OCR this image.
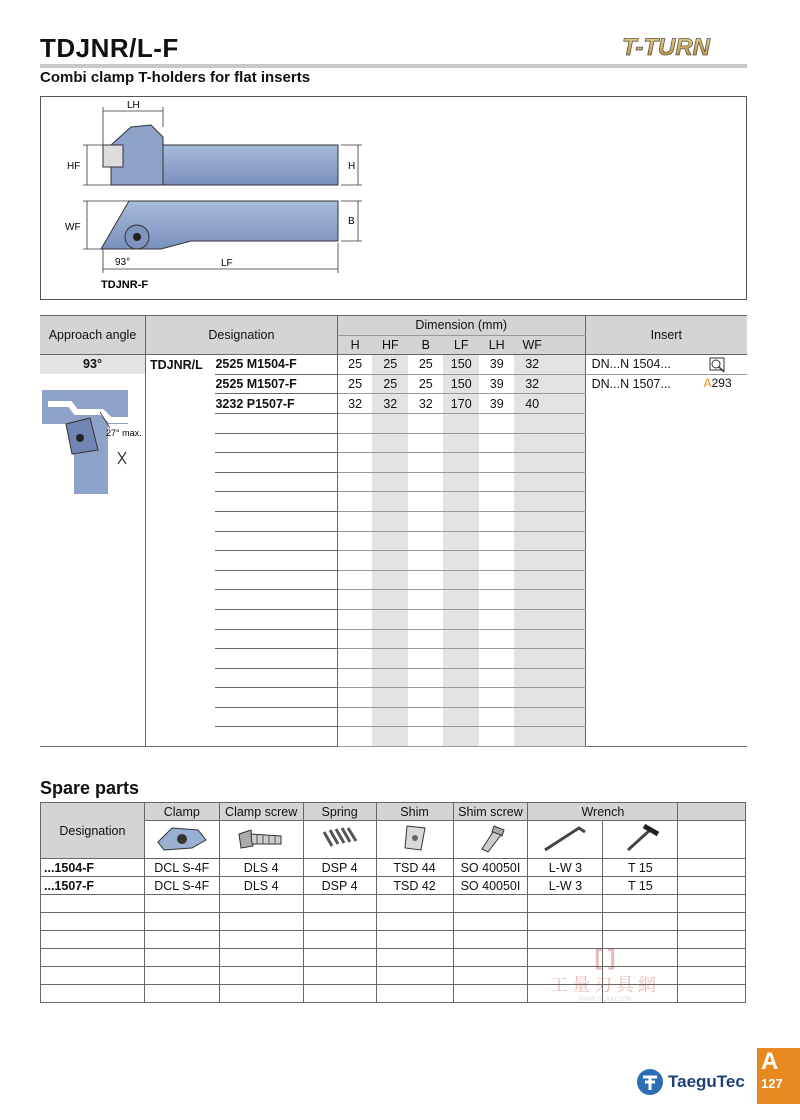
TDJNR/L-F
Combi clamp T-holders for flat inserts
T-TURN
LH
HF	H
WF
B
93°	LF
TDJNR-F
Approach angle	Designation		Dimension (mm)							Insert
			H	HF	B	LF	LH	WF		

93°
27° max.	TDJNR/L	2525 M1504-F	25	25	25	150	39	32		DN...N 1504...

A293

		2525 M1507-F	25	25	25	150	39	32		DN...N 1507...
		3232 P1507-F	32	32	32	170	39	40		

Spare parts
Designation	Clamp	Clamp screw	Spring	Shim	Shim screw	Wrench		

...1504-F	DCL S-4F	DLS 4	DSP 4	TSD 44	SO 40050I	L-W 3	T 15	
...1507-F	DCL S-4F	DLS 4	DSP 4	TSD 42	SO 40050I	L-W 3	T 15	

[ ]
工量刃具網
WWW.GLJLW.COM
TaeguTec
A
127
